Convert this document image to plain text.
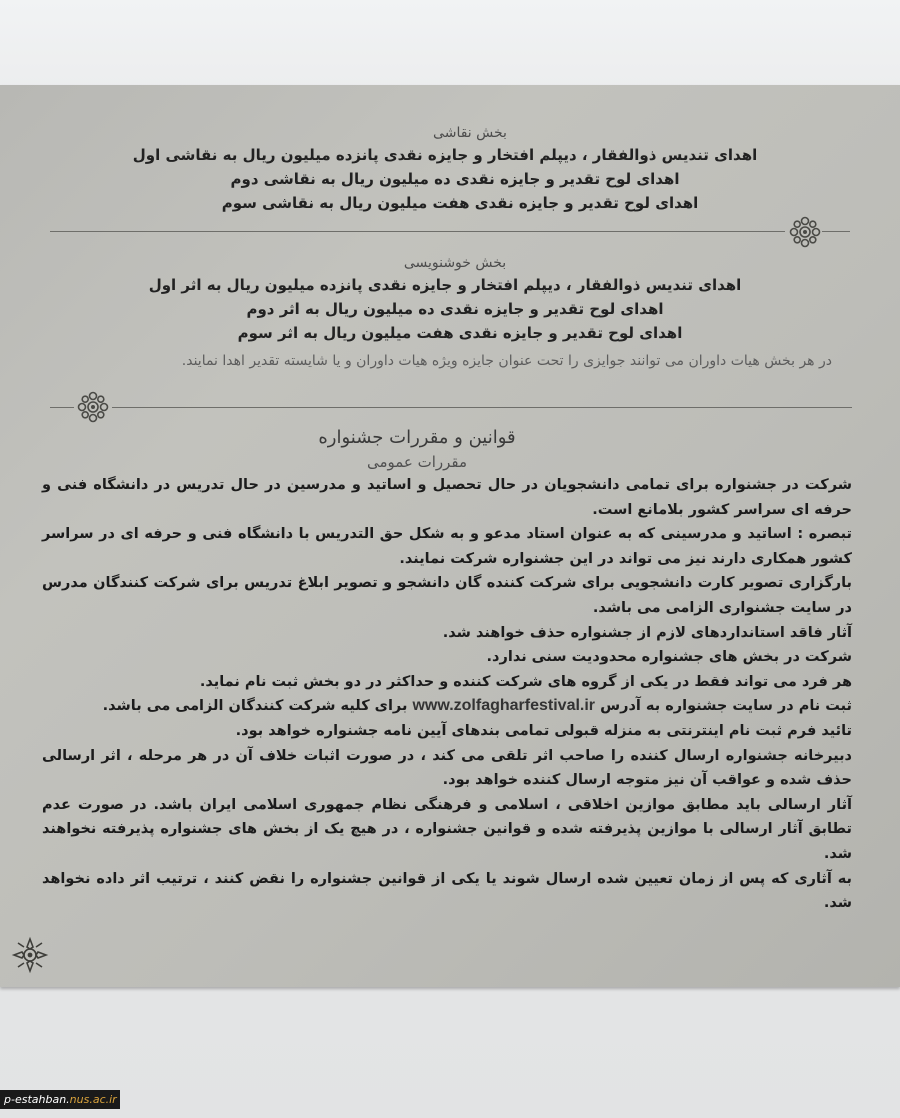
بخش نقاشی
اهدای تندیس ذوالفقار ، دیپلم افتخار و جایزه نقدی پانزده میلیون ریال به نقاشی اول
اهدای لوح تقدیر و جایزه نقدی ده میلیون ریال به نقاشی دوم
اهدای لوح تقدیر و جایزه نقدی هفت میلیون ریال به نقاشی سوم
بخش خوشنویسی
اهدای تندیس ذوالفقار ، دیپلم افتخار و جایزه نقدی پانزده میلیون ریال به اثر اول
اهدای لوح تقدیر و جایزه نقدی ده میلیون ریال به اثر دوم
اهدای لوح تقدیر و جایزه نقدی هفت میلیون ریال به اثر سوم
در هر بخش هیات داوران می توانند جوایزی را تحت عنوان جایزه ویژه هیات داوران و یا شایسته تقدیر اهدا نمایند.
قوانین و مقررات جشنواره
مقررات عمومی

شرکت در جشنواره برای تمامی دانشجویان در حال تحصیل و اساتید و مدرسین در حال تدریس در دانشگاه فنی و حرفه ای سراسر کشور بلامانع است.

تبصره : اساتید و مدرسینی که به عنوان استاد مدعو و به شکل حق التدریس با دانشگاه فنی و حرفه ای در سراسر کشور همکاری دارند نیز می تواند در این جشنواره شرکت نمایند.

بارگزاری تصویر کارت دانشجویی برای شرکت کننده گان دانشجو و تصویر ابلاغ تدریس برای شرکت کنندگان مدرس در سایت جشنواری الزامی می باشد.

آثار فاقد استانداردهای لازم از جشنواره حذف خواهند شد.

شرکت در بخش های جشنواره محدودیت سنی ندارد.

هر فرد می تواند فقط در یکی از گروه های شرکت کننده و حداکثر در دو بخش ثبت نام نماید.

ثبت نام در سایت جشنواره به آدرس www.zolfagharfestival.ir برای کلیه شرکت کنندگان الزامی می باشد.

تائید فرم ثبت نام اینترنتی به منزله قبولی تمامی بندهای آیین نامه جشنواره خواهد بود.

دبیرخانه جشنواره ارسال کننده را صاحب اثر تلقی می کند ، در صورت اثبات خلاف آن در هر مرحله ، اثر ارسالی حذف شده و عواقب آن نیز متوجه ارسال کننده خواهد بود.

آثار ارسالی باید مطابق موازین اخلاقی ، اسلامی و فرهنگی نظام جمهوری اسلامی ایران باشد. در صورت عدم تطابق آثار ارسالی با موازین پذیرفته شده و قوانین جشنواره ، در هیچ یک از بخش های جشنواره پذیرفته نخواهند شد.

به آثاری که پس از زمان تعیین شده ارسال شوند یا یکی از قوانین جشنواره را نقض کنند ، ترتیب اثر داده نخواهد شد.

p-estahban.nus.ac.ir
